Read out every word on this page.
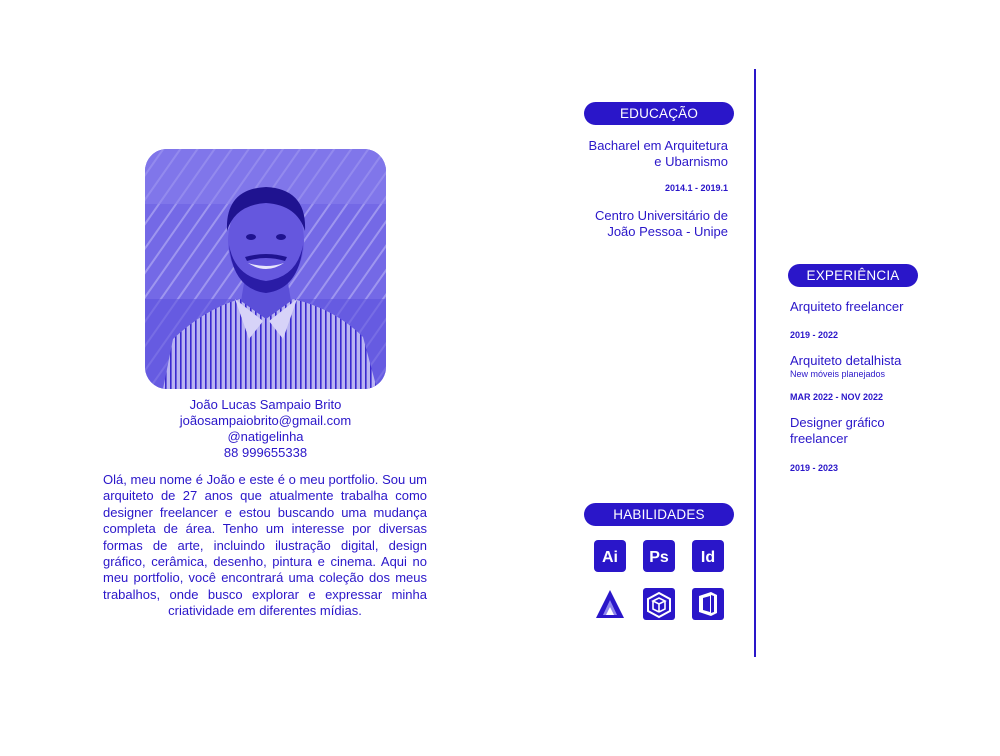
João Lucas Sampaio Brito
joãosampaiobrito@gmail.com
@natigelinha
88 999655338

Olá, meu nome é João e este é o meu portfolio. Sou um arquiteto de 27 anos que atualmente trabalha como designer freelancer e estou buscando uma mudança completa de área. Tenho um interesse por diversas formas de arte, incluindo ilustração digital, design gráfico, cerâmica, desenho, pintura e cinema. Aqui no meu portfolio, você encontrará uma coleção dos meus trabalhos, onde busco explorar e expressar minha criatividade em diferentes mídias.

EDUCAÇÃO
Bacharel em Arquitetura
e Ubarnismo
2014.1 - 2019.1
Centro Universitário de
João Pessoa - Unipe
EXPERIÊNCIA
Arquiteto freelancer
2019 - 2022
Arquiteto detalhista
New móveis planejados
MAR 2022 - NOV 2022
Designer gráfico
freelancer
2019 - 2023
HABILIDADES
Ai Ps Id
